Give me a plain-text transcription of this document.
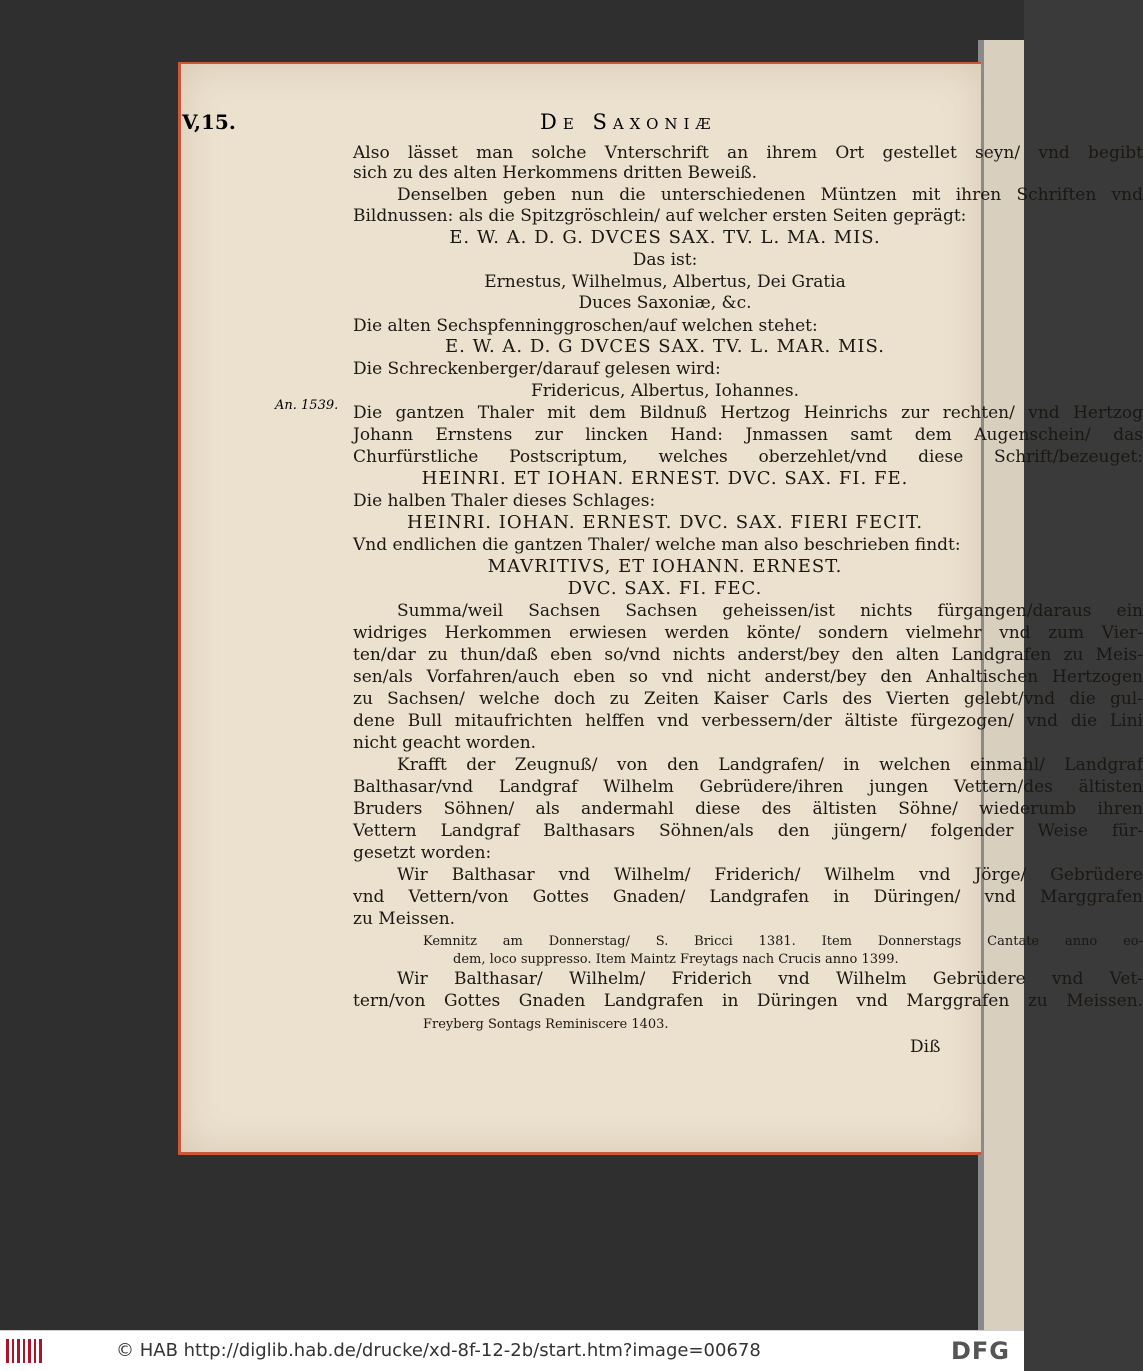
V,15.	De Saxoniæ
An. 1539.
Also lässet man solche Vnterschrift an ihrem Ort gestellet seyn/ vnd begibt
sich zu des alten Herkommens dritten Beweiß.
Denselben geben nun die unterschiedenen Müntzen mit ihren Schriften vnd
Bildnussen: als die Spitzgröschlein/ auf welcher ersten Seiten geprägt:
E. W. A. D. G. DVCES SAX. TV. L. MA. MIS.
Das ist:
Ernestus, Wilhelmus, Albertus, Dei Gratia
Duces Saxoniæ, &c.
Die alten Sechspfenninggroschen/auf welchen stehet:
E. W. A. D. G DVCES SAX. TV. L. MAR. MIS.
Die Schreckenberger/darauf gelesen wird:
Fridericus, Albertus, Iohannes.
Die gantzen Thaler mit dem Bildnuß Hertzog Heinrichs zur rechten/ vnd Hertzog
Johann Ernstens zur lincken Hand: Jnmassen samt dem Augenschein/ das
Churfürstliche Postscriptum, welches oberzehlet/vnd diese Schrift/bezeuget:
HEINRI. ET IOHAN. ERNEST. DVC. SAX. FI. FE.
Die halben Thaler dieses Schlages:
HEINRI. IOHAN. ERNEST. DVC. SAX. FIERI FECIT.
Vnd endlichen die gantzen Thaler/ welche man also beschrieben findt:
MAVRITIVS, ET IOHANN. ERNEST.
DVC. SAX. FI. FEC.
Summa/weil Sachsen Sachsen geheissen/ist nichts fürgangen/daraus ein
widriges Herkommen erwiesen werden könte/ sondern vielmehr vnd zum Vier-
ten/dar zu thun/daß eben so/vnd nichts anderst/bey den alten Landgrafen zu Meis-
sen/als Vorfahren/auch eben so vnd nicht anderst/bey den Anhaltischen Hertzogen
zu Sachsen/ welche doch zu Zeiten Kaiser Carls des Vierten gelebt/vnd die gul-
dene Bull mitaufrichten helffen vnd verbessern/der ältiste fürgezogen/ vnd die Lini
nicht geacht worden.
Krafft der Zeugnuß/ von den Landgrafen/ in welchen einmahl/ Landgraf
Balthasar/vnd Landgraf Wilhelm Gebrüdere/ihren jungen Vettern/des ältisten
Bruders Söhnen/ als andermahl diese des ältisten Söhne/ wiederumb ihren
Vettern Landgraf Balthasars Söhnen/als den jüngern/ folgender Weise für-
gesetzt worden:
Wir Balthasar vnd Wilhelm/ Friderich/ Wilhelm vnd Jörge/ Gebrüdere
vnd Vettern/von Gottes Gnaden/ Landgrafen in Düringen/ vnd Marggrafen
zu Meissen.
Kemnitz am Donnerstag/ S. Bricci 1381. Item Donnerstags Cantate anno eo-
dem, loco suppresso. Item Maintz Freytags nach Crucis anno 1399.
Wir Balthasar/ Wilhelm/ Friderich vnd Wilhelm Gebrüdere vnd Vet-
tern/von Gottes Gnaden Landgrafen in Düringen vnd Marggrafen zu Meissen.
Freyberg Sontags Reminiscere 1403.
Diß
© HAB http://diglib.hab.de/drucke/xd-8f-12-2b/start.htm?image=00678	DFG
